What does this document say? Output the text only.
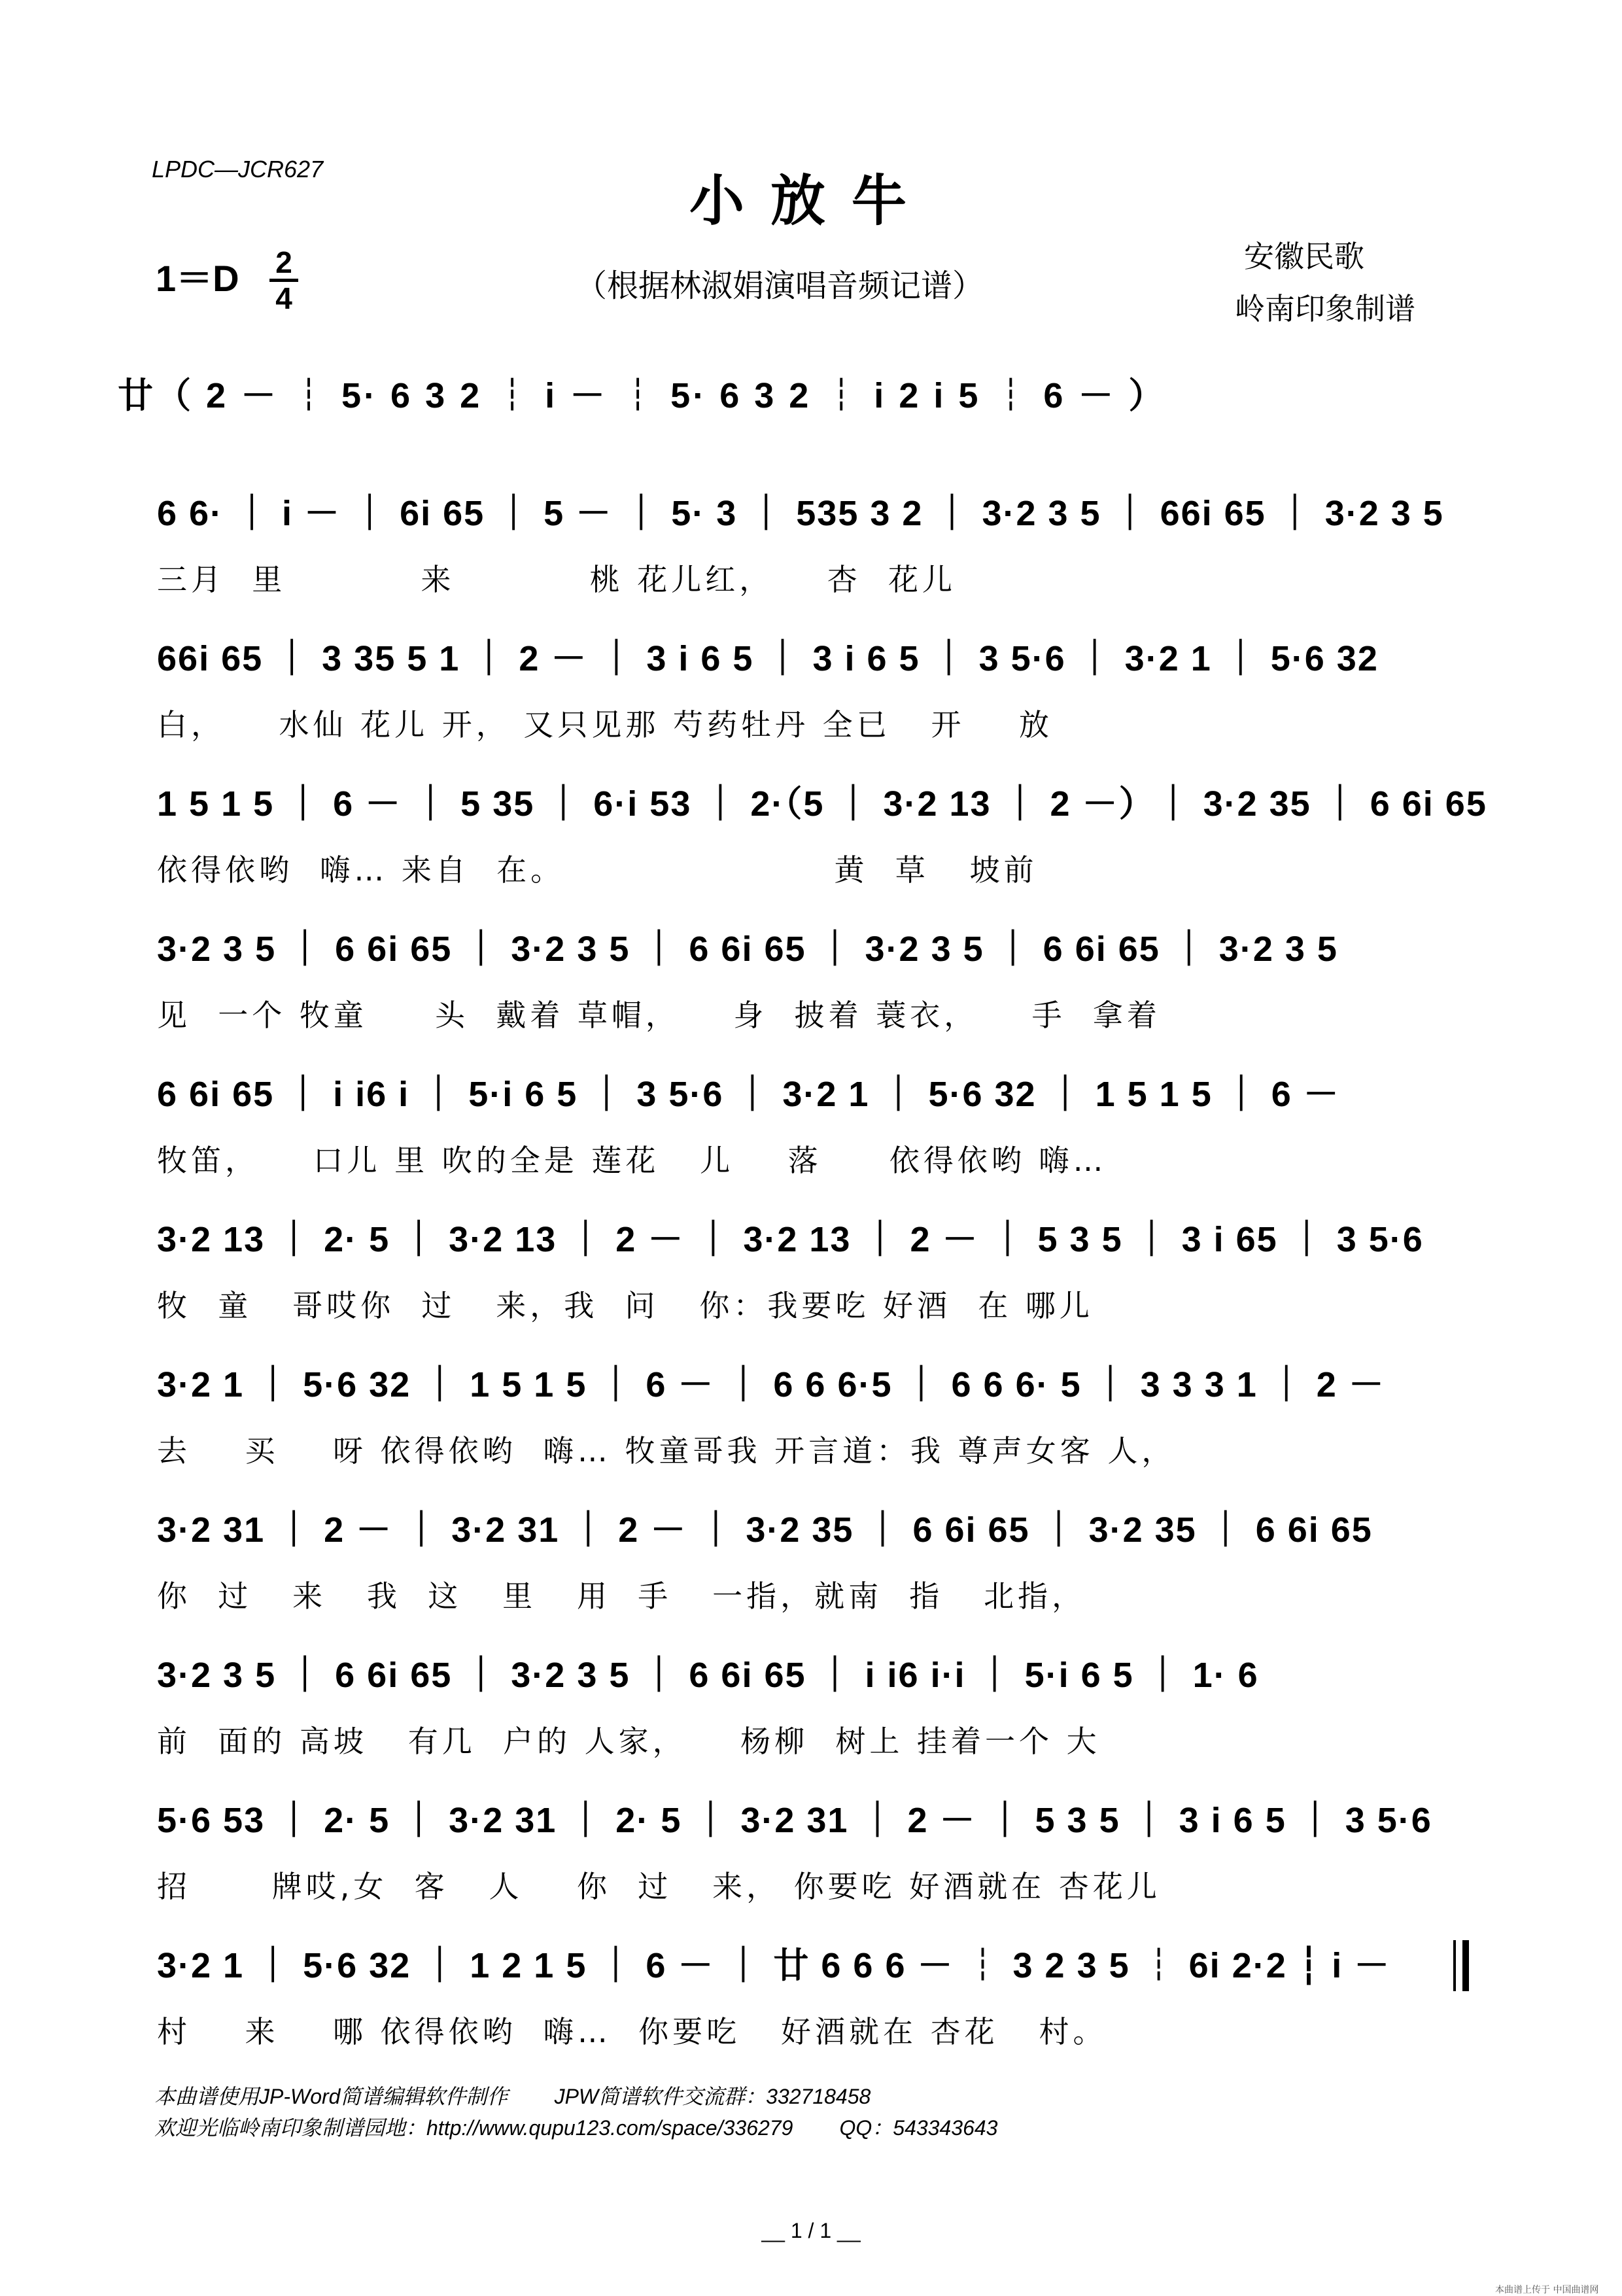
LPDC—JCR627	小放牛
1＝D 2
4	（根据林淑娟演唱音频记谱）
安徽民歌
岭南印象制谱
廿（ 2 － ┆ 5· 6 3 2 ┆ i － ┆ 5· 6 3 2 ┆ i 2 i 5 ┆ 6 － ）
6 6· ｜ i － ｜ 6i 65 ｜ 5 － ｜ 5· 3 ｜ 535 3 2 ｜ 3·2 3 5 ｜ 66i 65 ｜ 3·2 3 5
三月  里          来          桃 花儿红，    杏  花儿
66i 65 ｜ 3 35 5 1 ｜ 2 － ｜ 3 i 6 5 ｜ 3 i 6 5 ｜ 3 5·6 ｜ 3·2 1 ｜ 5·6 32
白，    水仙 花儿 开， 又只见那 芍药牡丹 全已   开    放
1 5 1 5 ｜ 6 － ｜ 5 35 ｜ 6·i 53 ｜ 2·（5 ｜ 3·2 13 ｜ 2 －）｜ 3·2 35 ｜ 6 6i 65
依得依哟  嗨… 来自  在。                    黄  草   坡前
3·2 3 5 ｜ 6 6i 65 ｜ 3·2 3 5 ｜ 6 6i 65 ｜ 3·2 3 5 ｜ 6 6i 65 ｜ 3·2 3 5
见  一个 牧童     头  戴着 草帽，    身  披着 蓑衣，    手  拿着
6 6i 65 ｜ i i6 i ｜ 5·i 6 5 ｜ 3 5·6 ｜ 3·2 1 ｜ 5·6 32 ｜ 1 5 1 5 ｜ 6 －
牧笛，    口儿 里 吹的全是 莲花   儿    落     依得依哟 嗨…
3·2 13 ｜ 2· 5 ｜ 3·2 13 ｜ 2 － ｜ 3·2 13 ｜ 2 － ｜ 5 3 5 ｜ 3 i 65 ｜ 3 5·6
牧  童   哥哎你  过   来，我  问   你：我要吃 好酒  在 哪儿
3·2 1 ｜ 5·6 32 ｜ 1 5 1 5 ｜ 6 － ｜ 6 6 6·5 ｜ 6 6 6· 5 ｜ 3 3 3 1 ｜ 2 －
去    买    呀 依得依哟  嗨… 牧童哥我 开言道：我 尊声女客 人，
3·2 31 ｜ 2 － ｜ 3·2 31 ｜ 2 － ｜ 3·2 35 ｜ 6 6i 65 ｜ 3·2 35 ｜ 6 6i 65
你  过   来   我  这   里   用  手   一指，就南  指   北指，
3·2 3 5 ｜ 6 6i 65 ｜ 3·2 3 5 ｜ 6 6i 65 ｜ i i6 i·i ｜ 5·i 6 5 ｜ 1· 6
前  面的 高坡   有几  户的 人家，    杨柳  树上 挂着一个 大
5·6 53 ｜ 2· 5 ｜ 3·2 31 ｜ 2· 5 ｜ 3·2 31 ｜ 2 － ｜ 5 3 5 ｜ 3 i 6 5 ｜ 3 5·6
招      牌哎,女  客   人    你  过   来， 你要吃 好酒就在 杏花儿
3·2 1 ｜ 5·6 32 ｜ 1 2 1 5 ｜ 6 － ｜ 廿 6 6 6 － ┆ 3 2 3 5 ┆ 6i 2·2 ┆ i －
村    来    哪 依得依哟  嗨…  你要吃   好酒就在 杏花   村。
本曲谱使用JP-Word简谱编辑软件制作        JPW简谱软件交流群：332718458
欢迎光临岭南印象制谱园地：http://www.qupu123.com/space/336279        QQ：543343643
__ 1 / 1 __
本曲谱上传于 中国曲谱网
